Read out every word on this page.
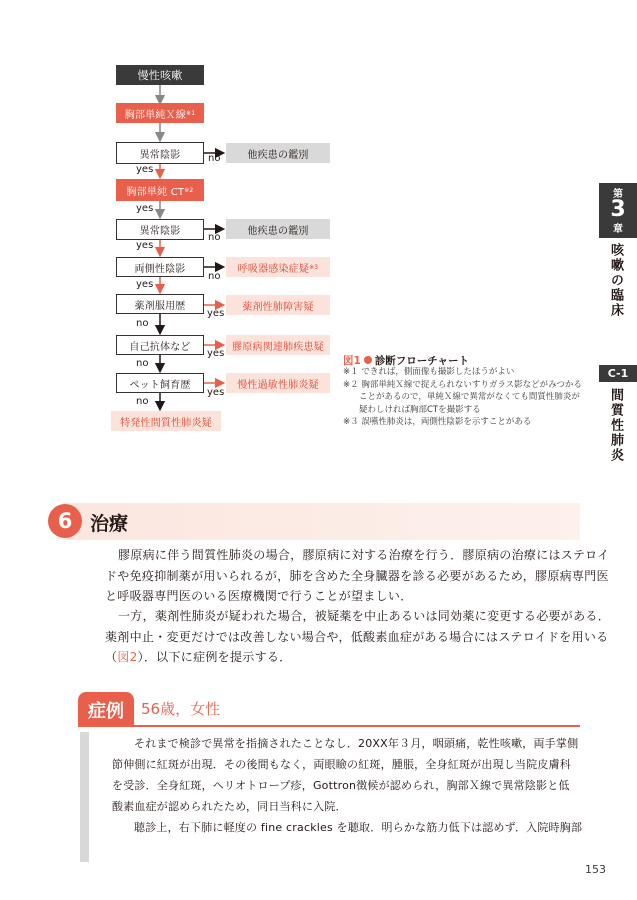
慢性咳嗽
胸部単純Ｘ線 ※1
異常陰影
胸部単純 CT ※2
異常陰影
両側性陰影
薬剤服用歴
自己抗体など
ペット飼育歴
特発性間質性肺炎疑
他疾患の鑑別
他疾患の鑑別
呼吸器感染症疑 ※3
薬剤性肺障害疑
膠原病関連肺疾患疑
慢性過敏性肺炎疑
no
yes
yes
no
yes
no
yes
yes
no
yes
no
yes
no
図1 診断フローチャート
※１ できれば，側面像も撮影したほうがよい
※２ 胸部単純Ｘ線で捉えられないすりガラス影などがみつかる
ことがあるので，単純Ｘ線で異常がなくても間質性肺炎が
疑わしければ胸部CTを撮影する
※３ 誤嚥性肺炎は，両側性陰影を示すことがある
第
3
章
咳嗽の臨床
C-1
間質性肺炎
6 治療
膠原病に伴う間質性肺炎の場合，膠原病に対する治療を行う．膠原病の治療にはステロイ
ドや免疫抑制薬が用いられるが，肺を含めた全身臓器を診る必要があるため，膠原病専門医
と呼吸器専門医のいる医療機関で行うことが望ましい．
一方，薬剤性肺炎が疑われた場合，被疑薬を中止あるいは同効薬に変更する必要がある．
薬剤中止・変更だけでは改善しない場合や，低酸素血症がある場合にはステロイドを用いる
（図2）．以下に症例を提示する．
症例	56歳，女性
それまで検診で異常を指摘されたことなし．20XX年３月，咽頭痛，乾性咳嗽，両手掌側
節伸側に紅斑が出現．その後間もなく，両眼瞼の紅斑，腫脹，全身紅斑が出現し当院皮膚科
を受診．全身紅斑，ヘリオトロープ疹，Gottron徴候が認められ，胸部Ｘ線で異常陰影と低
酸素血症が認められたため，同日当科に入院．
聴診上，右下肺に軽度の fine crackles を聴取．明らかな筋力低下は認めず．入院時胸部
153
